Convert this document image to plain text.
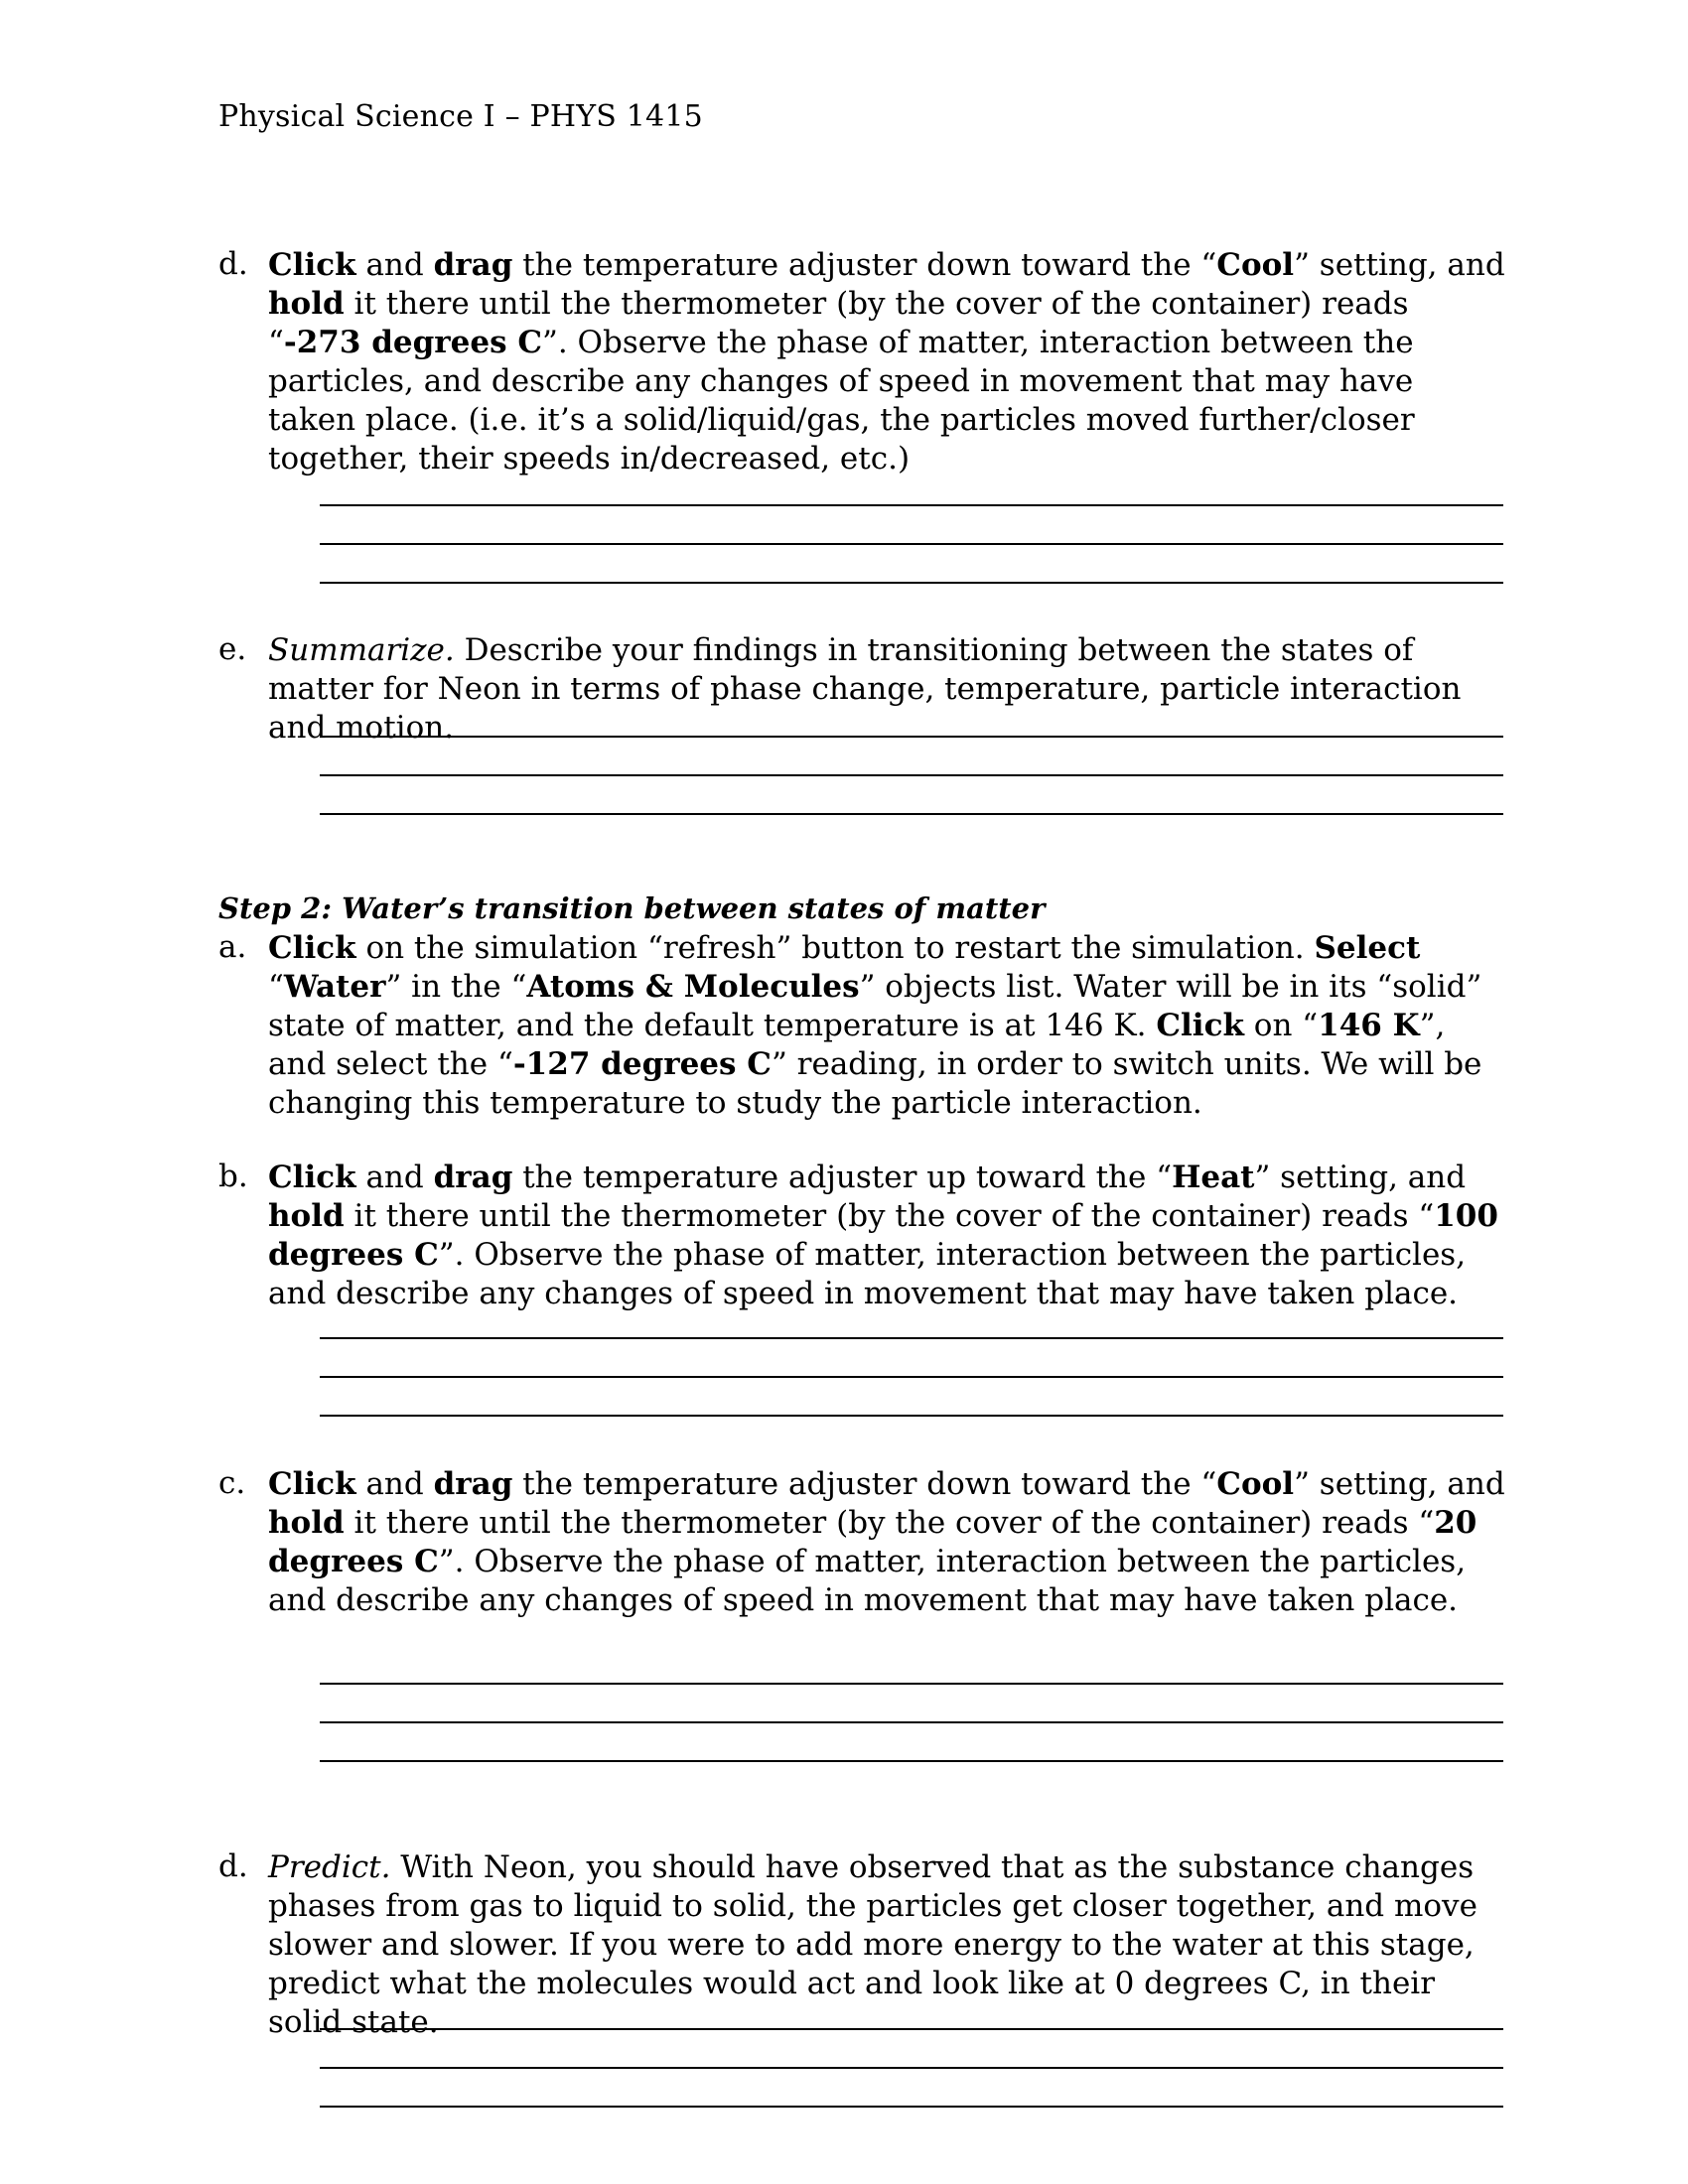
Physical Science I – PHYS 1415
d. Click and drag the temperature adjuster down toward the “Cool” setting, and hold it there until the thermometer (by the cover of the container) reads “-273 degrees C”. Observe the phase of matter, interaction between the particles, and describe any changes of speed in movement that may have taken place. (i.e. it’s a solid/liquid/gas, the particles moved further/closer together, their speeds in/decreased, etc.)
e. Summarize. Describe your findings in transitioning between the states of matter for Neon in terms of phase change, temperature, particle interaction and motion.
Step 2: Water’s transition between states of matter
a. Click on the simulation “refresh” button to restart the simulation. Select “Water” in the “Atoms & Molecules” objects list. Water will be in its “solid” state of matter, and the default temperature is at 146 K. Click on “146 K”, and select the “-127 degrees C” reading, in order to switch units. We will be changing this temperature to study the particle interaction.
b. Click and drag the temperature adjuster up toward the “Heat” setting, and hold it there until the thermometer (by the cover of the container) reads “100 degrees C”. Observe the phase of matter, interaction between the particles, and describe any changes of speed in movement that may have taken place.
c. Click and drag the temperature adjuster down toward the “Cool” setting, and hold it there until the thermometer (by the cover of the container) reads “20 degrees C”. Observe the phase of matter, interaction between the particles, and describe any changes of speed in movement that may have taken place.
d. Predict. With Neon, you should have observed that as the substance changes phases from gas to liquid to solid, the particles get closer together, and move slower and slower. If you were to add more energy to the water at this stage, predict what the molecules would act and look like at 0 degrees C, in their solid state.
